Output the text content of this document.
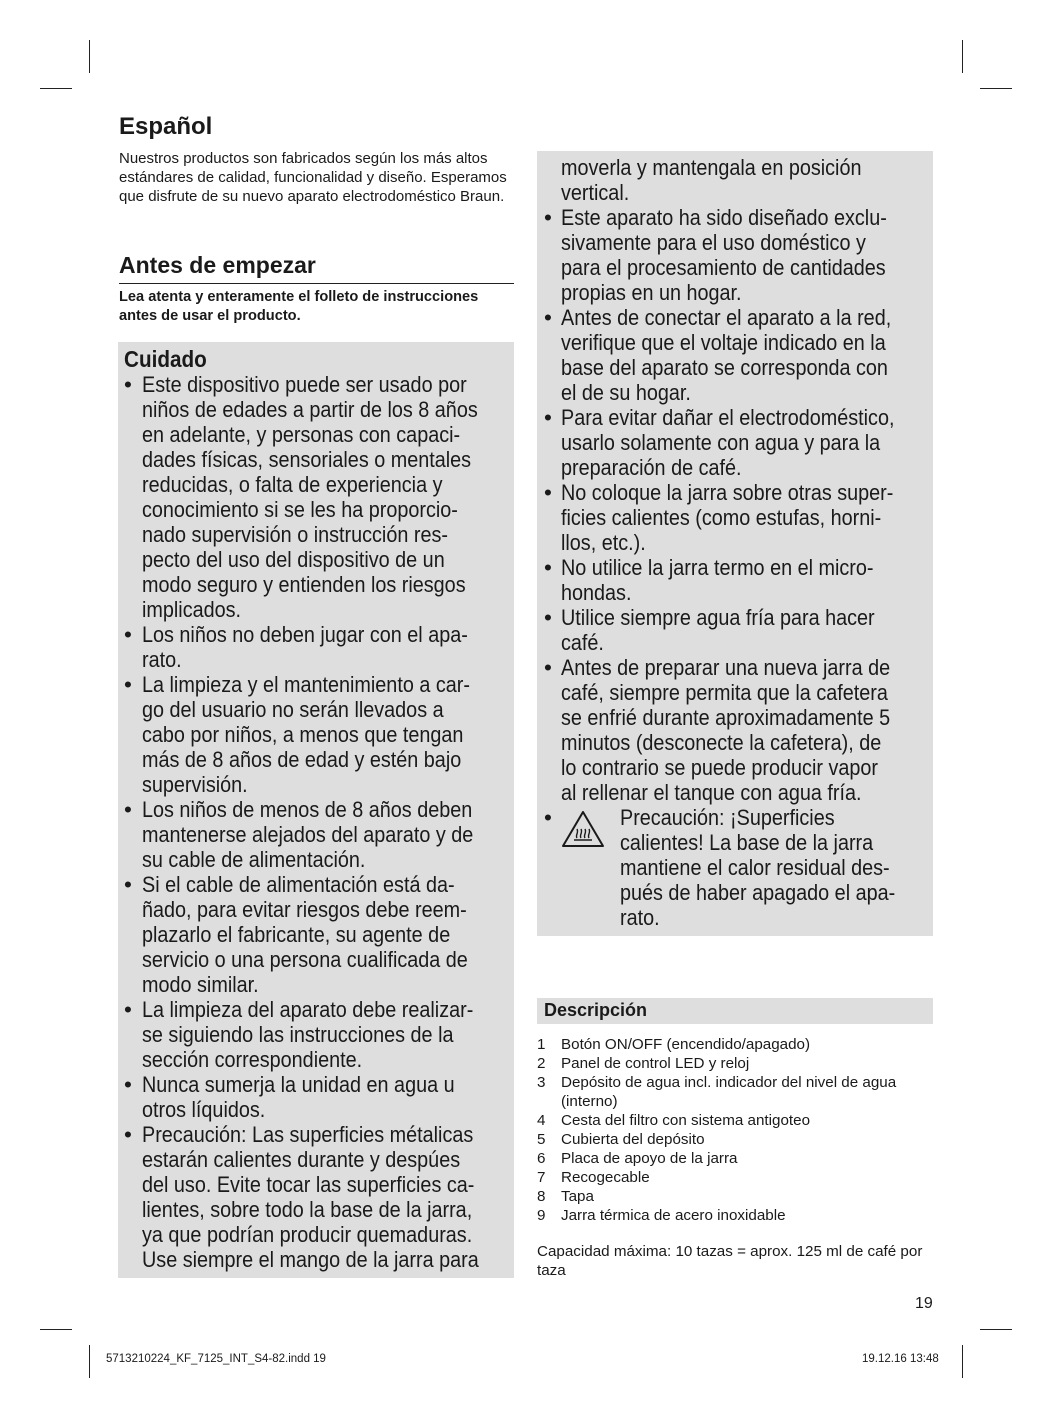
Español

Nuestros productos son fabricados según los más altos estándares de calidad, funcionalidad y diseño. Esperamos que disfrute de su nuevo aparato electrodoméstico Braun.

Antes de empezar

Lea atenta y enteramente el folleto de instrucciones antes de usar el producto.

Cuidado
• Este dispositivo puede ser usado por
niños de edades a partir de los 8 años
en adelante, y personas con capaci-
dades físicas, sensoriales o mentales
reducidas, o falta de experiencia y
conocimiento si se les ha proporcio-
nado supervisión o instrucción res-
pecto del uso del dispositivo de un
modo seguro y entienden los riesgos
implicados.
• Los niños no deben jugar con el apa-
rato.
• La limpieza y el mantenimiento a car-
go del usuario no serán llevados a
cabo por niños, a menos que tengan
más de 8 años de edad y estén bajo
supervisión.
• Los niños de menos de 8 años deben
mantenerse alejados del aparato y de
su cable de alimentación.
• Si el cable de alimentación está da-
ñado, para evitar riesgos debe reem-
plazarlo el fabricante, su agente de
servicio o una persona cualificada de
modo similar.
• La limpieza del aparato debe realizar-
se siguiendo las instrucciones de la
sección correspondiente.
• Nunca sumerja la unidad en agua u
otros líquidos.
• Precaución: Las superficies métalicas
estarán calientes durante y despúes
del uso. Evite tocar las superficies ca-
lientes, sobre todo la base de la jarra,
ya que podrían producir quemaduras.
Use siempre el mango de la jarra para
moverla y mantengala en posición
vertical.
• Este aparato ha sido diseñado exclu-
sivamente para el uso doméstico y
para el procesamiento de cantidades
propias en un hogar.
• Antes de conectar el aparato a la red,
verifique que el voltaje indicado en la
base del aparato se corresponda con
el de su hogar.
• Para evitar dañar el electrodoméstico,
usarlo solamente con agua y para la
preparación de café.
• No coloque la jarra sobre otras super-
ficies calientes (como estufas, horni-
llos, etc.).
• No utilice la jarra termo en el micro-
hondas.
• Utilice siempre agua fría para hacer
café.
• Antes de preparar una nueva jarra de
café, siempre permita que la cafetera
se enfrié durante aproximadamente 5
minutos (desconecte la cafetera), de
lo contrario se puede producir vapor
al rellenar el tanque con agua fría.
•	Precaución: ¡Superficies
calientes! La base de la jarra
mantiene el calor residual des-
pués de haber apagado el apa-
rato.
Descripción
1 Botón ON/OFF (encendido/apagado)
2 Panel de control LED y reloj
3 Depósito de agua incl. indicador del nivel de agua (interno)
4 Cesta del filtro con sistema antigoteo
5 Cubierta del depósito
6 Placa de apoyo de la jarra
7 Recogecable
8 Tapa
9 Jarra térmica de acero inoxidable

Capacidad máxima: 10 tazas = aprox. 125 ml de café por taza

19
5713210224_KF_7125_INT_S4-82.indd 19	19.12.16 13:48
